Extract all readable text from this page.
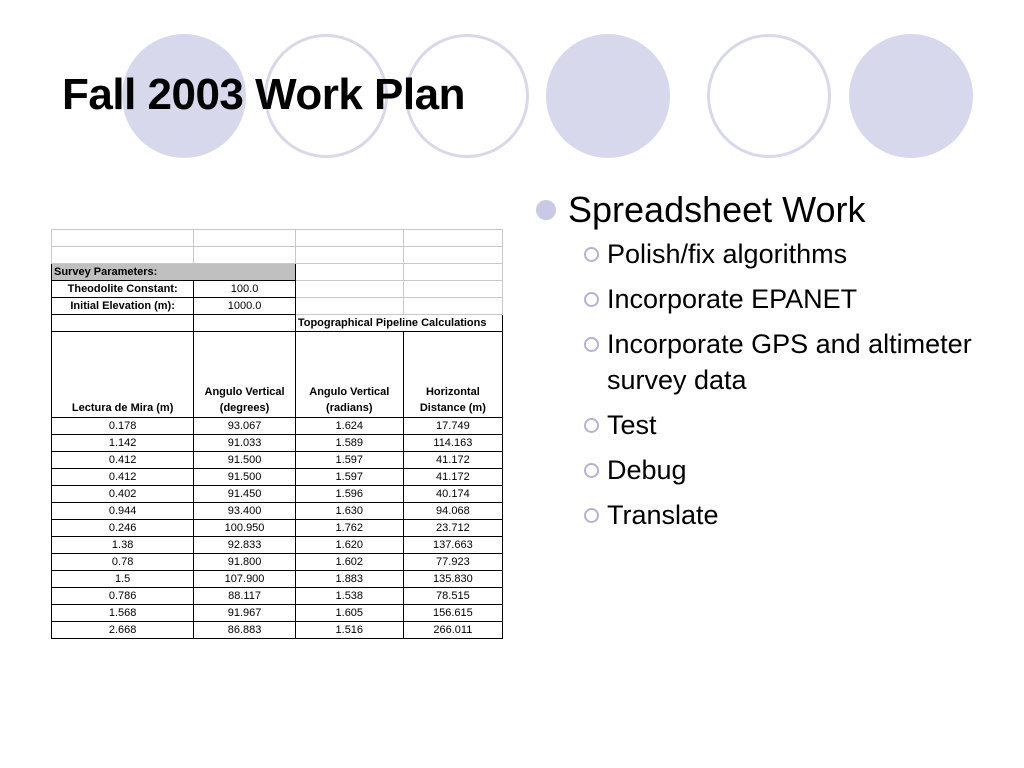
Fall 2003 Work Plan

Survey Parameters:			
Theodolite Constant:	100.0		
Initial Elevation (m):	1000.0		
		Topographical Pipeline Calculations	
Lectura de Mira (m)	Angulo Vertical (degrees)	Angulo Vertical (radians)	Horizontal Distance (m)
0.178	93.067	1.624	17.749
1.142	91.033	1.589	114.163
0.412	91.500	1.597	41.172
0.412	91.500	1.597	41.172
0.402	91.450	1.596	40.174
0.944	93.400	1.630	94.068
0.246	100.950	1.762	23.712
1.38	92.833	1.620	137.663
0.78	91.800	1.602	77.923
1.5	107.900	1.883	135.830
0.786	88.117	1.538	78.515
1.568	91.967	1.605	156.615
2.668	86.883	1.516	266.011
Spreadsheet Work
Polish/fix algorithms
Incorporate EPANET
Incorporate GPS and altimeter survey data
Test
Debug
Translate
